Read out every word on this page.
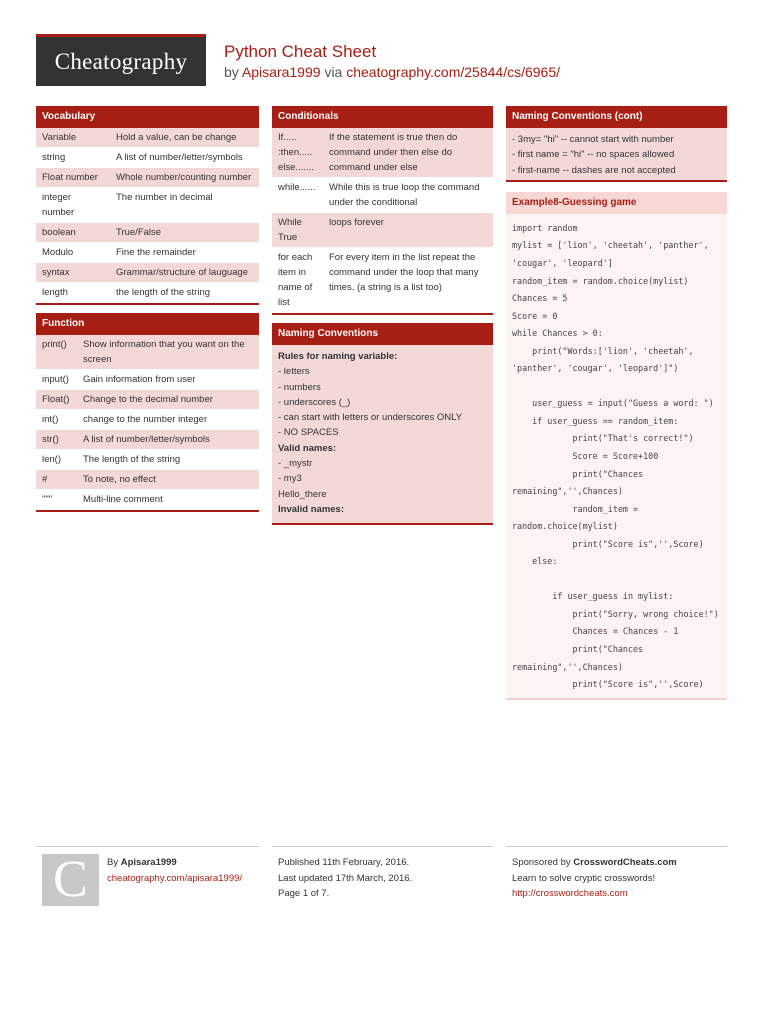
Cheatography Python Cheat Sheet
by Apisara1999 via cheatography.com/25844/cs/6965/
Vocabulary
Variable	Hold a value, can be change
string	A list of number/letter/symbols
Float number	Whole number/counting number
integer number	The number in decimal
boolean	True/False
Modulo	Fine the remainder
syntax	Grammar/structure of lauguage
length	the length of the string
Function
print()	Show information that you want on the screen
input()	Gain information from user
Float()	Change to the decimal number
int()	change to the number integer
str()	A list of number/letter/symbols
len()	The length of the string
#	To note, no effect
"""	Multi-line comment
Conditionals
If..... :then..... else.......	If the statement is true then do command under then else do command under else
while......	While this is true loop the command under the conditional
While True	loops forever
for each item in name of list	For every item in the list repeat the command under the loop that many times. (a string is a list too)
Naming Conventions
Rules for naming variable:
- letters
- numbers
- underscores (_)
- can start with letters or underscores ONLY
- NO SPACES
Valid names:
- _mystr
- my3
Hello_there
Invalid names:
Naming Conventions (cont)
- 3my= "hi" -- cannot start with number
- first name = "hi" -- no spaces allowed
- first-name -- dashes are not accepted
Example8-Guessing game
import random
mylist = ['lion', 'cheetah', 'panther', 'cougar', 'leopard']
random_item = random.choice(mylist)
Chances = 5
Score = 0
while Chances > 0:
print("Words:['lion', 'cheetah', 'panther', 'cougar', 'leopard']")

user_guess = input("Guess a word: ")
if user_guess == random_item:
print("That's correct!")
Score = Score+100
print("Chances remaining",'',Chances)
random_item = random.choice(mylist)
print("Score is",'',Score)
else:

if user_guess in mylist:
print("Sorry, wrong choice!")
Chances = Chances - 1
print("Chances remaining",'',Chances)
print("Score is",'',Score)
C By Apisara1999
cheatography.com/apisara1999/
Published 11th February, 2016.
Last updated 17th March, 2016.
Page 1 of 7.
Sponsored by CrosswordCheats.com
Learn to solve cryptic crosswords!
http://crosswordcheats.com
